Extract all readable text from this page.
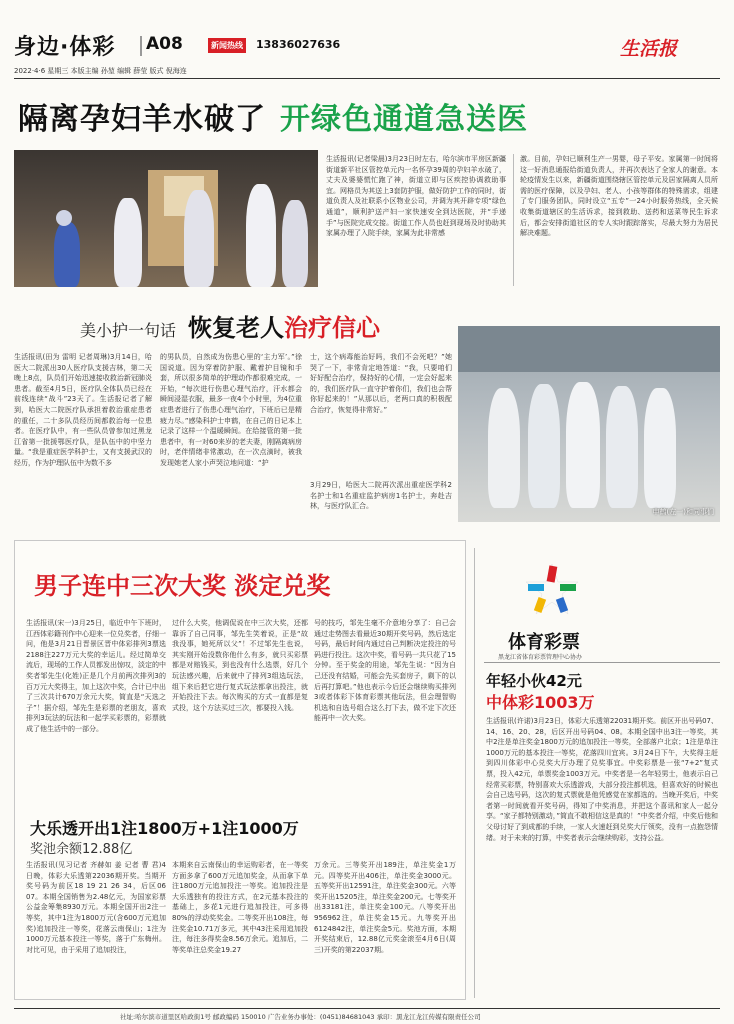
身边·体彩 A08	新闻热线 13836027636	生活报
2022·4·6 星期三 本版主编 孙堃 编辑 薛莹 版式 倪海连
隔离孕妇羊水破了 开绿色通道急送医
生活报讯(记者梁晨)3月23日时左右，哈尔滨市平房区新疆街道新平社区管控单元内一名怀孕39周的孕妇羊水破了，丈夫及婆婆慌忙跑了神，街道立即与区疾控协调救助事宜。网格员为其送上3套防护服，做好防护工作的同时，街道负责人及社联系小区物业公司，并调为其开辟专项“绿色通道”，顺利护送产妇一家快速安全到达医院，并“手递手”与医院完成交接。街道工作人员也赶到现场及时协助其家属办理了入院手续，家属为此非常感
激。目前，孕妇已顺利生产一男婴，母子平安。家属第一时间将这一好消息通报给街道负责人，并再次表达了全家人的谢意。本轮疫情发生以来，新疆街道围绕辖区管控单元及居家隔离人员所需的医疗保障，以及孕妇、老人、小孩等群体的特殊需求，组建了专门服务团队，同时设立“五专”一24小时服务热线，全天候收集街道辖区的生活诉求，接到救助、送药和送菜等民生诉求后，都会安排街道社区的专人实时跟踪落实，尽最大努力为居民解决难题。
美小护一句话 恢复老人治疗信心
生活报讯(田为 雷明 记者周琳)3月14日，哈医大二院派出30人医疗队支援吉林，第二天晚上8点，队员们开始迅速接收救治新冠肺炎患者。截至4月5日，医疗队全体队员已经在前线连续“战斗”23天了。生活报记者了解到，哈医大二院医疗队承担着救治重症患者的重任，二十多队员经历间都救治每一位患者。在医疗队中，有一些队员曾参加过黑龙江省第一批援鄂医疗队，是队伍中的中坚力量。“我是重症医学科护士，又有支援武汉的经历，作为护理队伍中为数不多
的男队员，自然成为伤患心里的‘主力军’。”徐国说道。因为穿着防护服、戴着护目镜和手套，所以很多简单的护理动作都很难完成，一开始，“每次进行伤患心理气治疗，汗水都会瞬间浸湿衣服，最多一夜4个小时里，为4位重症患者进行了伤患心理气治疗，下班后已是精疲力尽。”感染科护士申鹤，在自己的日记本上记录了这样一个温暖瞬间。在给接管的第一批患者中，有一对60来岁的老夫妻，刚隔离病房时，老伴情绪非常激动，在一次点滴时，被我发现她老人家小声哭泣地问道：“护
士，这个病毒能治好吗，我们不会死吧？”她哭了一下，非常肯定地答道：“我，只要咱们好好配合治疗，保持好的心情，一定会好起来的，我们医疗队一直守护着你们，我们也会帮你好起来的！”从那以后，老两口真的积极配合治疗，恢复得非常好。”
3月29日，哈医大二院再次派出重症医学科2名护士和1名重症监护病房1名护士，奔赴吉林，与医疗队汇合。
申鹤(左一)和同事们
男子连中三次大奖 淡定兑奖
生活报讯(宋一)3月25日，临近中午下班时，江西体彩籍刊作中心迎来一位兑奖者，仔细一问，他是3月21日晋景区晋中体彩排列3票选2188注227万元大奖的幸运儿。经过简单交流后，现场的工作人员都发出惊叹，淡定的中奖者邹先生(化姓)正是几个月前两次排列3的百万元大奖得主，加上这次中奖，合计已中出了三次共计670万余元大奖，简直是“天选之子”！据介绍，邹先生是彩票的老朋友，喜欢排列3玩法的玩法和一起学买彩票的，彩票就成了他生活中的一部分。
过什么大奖，他调侃说在中三次大奖，还都靠诉了自己同事，邹先生笑着说，正是“故我没事，她死所以父”！不过邹先生也说，其实刚开始没数你他什么有多，就只买彩票都是对赔钱买，到也没有什么选票，好几个玩法感兴趣，后来就中了排列3组选玩法，组下来后把它进行复式玩法都拿出投注，就开始投注下去。每次购买的方式一直都是复式投，这个方法买过三次，都要投入钱。
号的技巧，邹先生毫不介意地分享了：自己会通过走势图去看最近30期开奖号码，然后选定号码，最后时间内通过自己判断决定投注的号码进行投注。这次中奖，看号码一共只花了15分钟。至于奖金的用途，邹先生说：“因为自己还没有结婚，可能会先买套房子，剩下的以后再打算吧。”他也表示今后还会继续购买排列3或者体彩下体育彩票其他玩法，但会理智购机选和自选号组合这么打下去，做不定下次还能再中一次大奖。
大乐透开出1注1800万+1注1000万
奖池余额12.88亿
生活报讯(见习记者 齐赫如 姜 记者 曹 君)4日晚，体彩大乐透第22036期开奖。当期开奖号码为前区18 19 21 26 34，后区06 07。本期全国销售为2.48亿元，为国家彩票公益金筹集8930万元。本期全国开出2注一等奖，其中1注为1800万元(含600万元追加奖)追加投注一等奖，花落云南保山；1注为1000万元基本投注一等奖，落于广东梅州。对比可见，由于采用了追加投注，
本期来自云南保山的幸运购彩者，在一等奖方面多拿了600万元追加奖金，从而拿下单注1800万元追加投注一等奖。追加投注是大乐透独有的投注方式，在2元基本投注的基础上，多花1元进行追加投注，可多得80%的浮动奖奖金。二等奖开出108注，每注奖金10.71万多元，其中43注采用追加投注，每注多得奖金8.56万余元。追加后，二等奖单注总奖金19.27
万余元。三等奖开出189注，单注奖金1万元。四等奖开出406注，单注奖金3000元。五等奖开出12591注，单注奖金300元。六等奖开出15205注，单注奖金200元。七等奖开出33181注，单注奖金100元。八等奖开出956962注，单注奖金15元。九等奖开出6124842注，单注奖金5元。奖池方面，本期开奖结束后，12.88亿元奖金滚至4月6日(周三)开奖的第22037期。
体育彩票
黑龙江省体育彩票管理中心协办
年轻小伙42元
中体彩1003万
生活报讯(许诺)3月23日，体彩大乐透第22031期开奖。前区开出号码07、14、16、20、28，后区开出号码04、08。本期全国中出3注一等奖，其中2注是单注奖金1800万元的追加投注一等奖，全部落户北京；1注是单注1000万元的基本投注一等奖，花落四川宜宾。3月24日下午，大奖得主赶到四川体彩中心兑奖大厅办理了兑奖事宜。中奖彩票是一张“7+2”复式票，投入42元，单票奖金1003万元。中奖者是一名年轻男士，他表示自己经常买彩票，特别喜欢大乐透游戏，大部分投注都机选，但喜欢好的时候也会自己选号码，这次的复式票就是他凭感觉在家都选的。当晚开奖后，中奖者第一时间就看开奖号码，得知了中奖消息，并把这个喜讯和家人一起分享。“家子都特别激动，”简直不敢相信这是真的！”中奖者介绍，中奖后他和父母讨好了到成都的手续，一家人火速赶到兑奖大厅领奖，没有一点抱怨情绪。对于未来的打算，中奖者表示会继续购彩，支持公益。
社址:哈尔滨市道里区哈政街1号 邮政编码 150010 广告业务办事处：(0451)84681043 承印：黑龙江龙江传媒有限责任公司
